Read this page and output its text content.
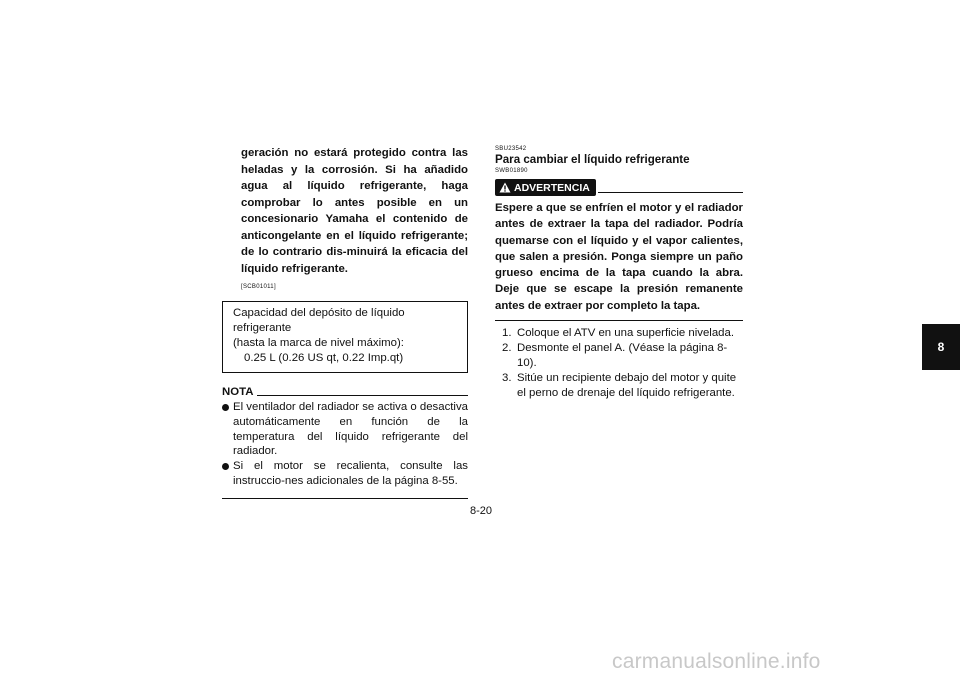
geración no estará protegido contra las heladas y la corrosión. Si ha añadido agua al líquido refrigerante, haga comprobar lo antes posible en un concesionario Yamaha el contenido de anticongelante en el líquido refrigerante; de lo contrario dis-minuirá la eficacia del líquido refrigerante.

[SCB01011]

Capacidad del depósito de líquido refrigerante
(hasta la marca de nivel máximo):
0.25 L (0.26 US qt, 0.22 Imp.qt)
NOTA
El ventilador del radiador se activa o desactiva automáticamente en función de la temperatura del líquido refrigerante del radiador.
Si el motor se recalienta, consulte las instruccio-nes adicionales de la página 8-55.

SBU23542

Para cambiar el líquido refrigerante

SWB01890

ADVERTENCIA

Espere a que se enfríen el motor y el radiador antes de extraer la tapa del radiador. Podría quemarse con el líquido y el vapor calientes, que salen a presión. Ponga siempre un paño grueso encima de la tapa cuando la abra. Deje que se escape la presión remanente antes de extraer por completo la tapa.

1. Coloque el ATV en una superficie nivelada.
2. Desmonte el panel A. (Véase la página 8-10).
3. Sitúe un recipiente debajo del motor y quite el perno de drenaje del líquido refrigerante.
8-20
8
carmanualsonline.info
